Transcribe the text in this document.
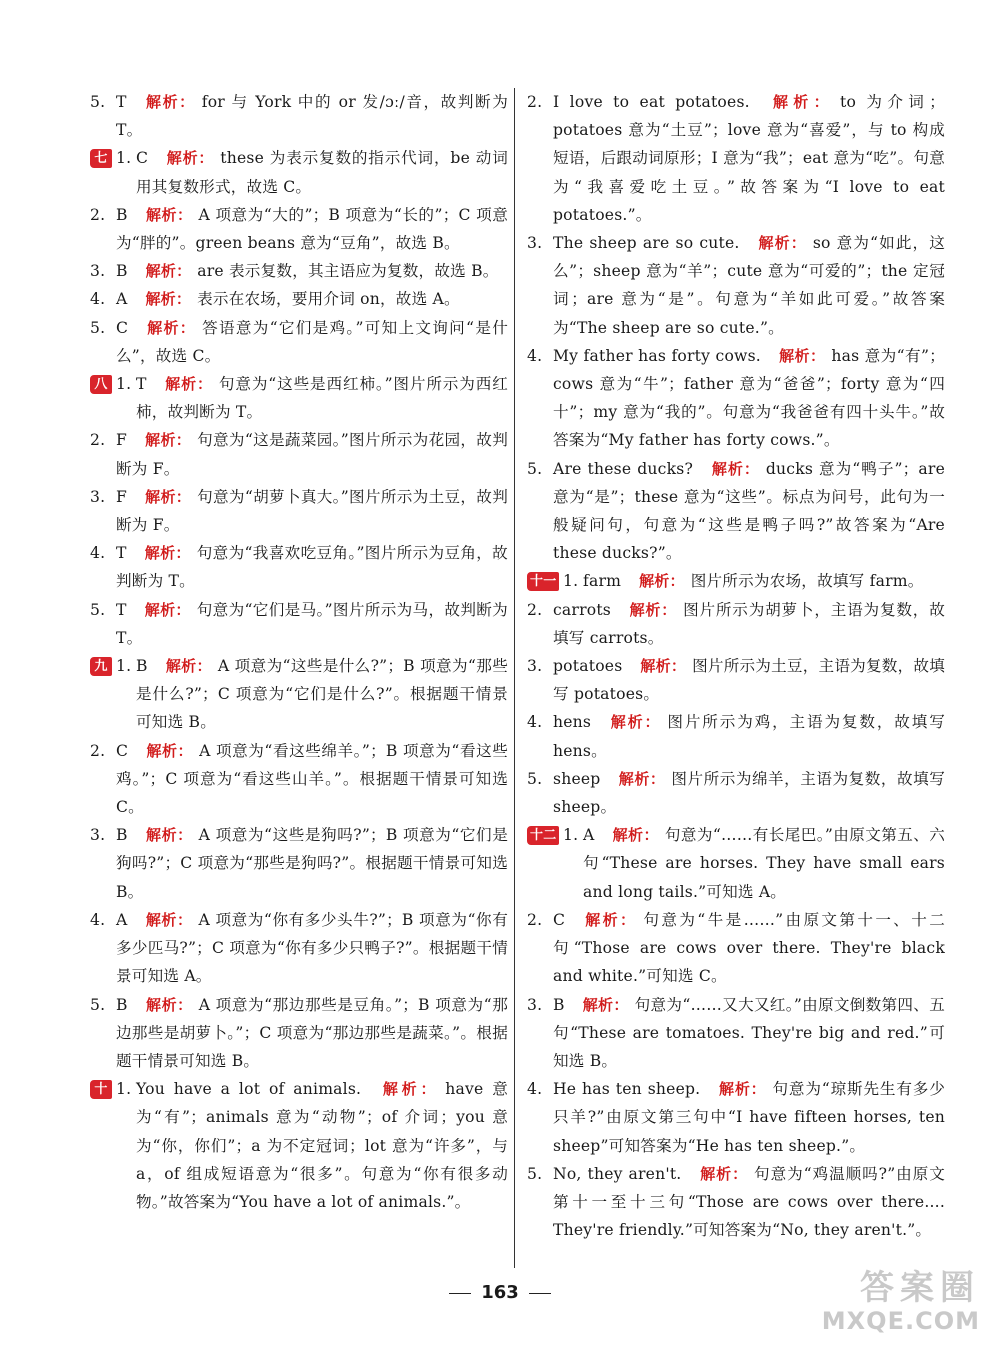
5. T 解析： for 与 York 中的 or 发/ɔː/音，故判断为 T。
七 1. C 解析： these 为表示复数的指示代词，be 动词用其复数形式，故选 C。
2. B 解析： A 项意为“大的”；B 项意为“长的”；C 项意为“胖的”。green beans 意为“豆角”，故选 B。
3. B 解析： are 表示复数，其主语应为复数，故选 B。
4. A 解析： 表示在农场，要用介词 on，故选 A。
5. C 解析： 答语意为“它们是鸡。”可知上文询问“是什么”，故选 C。
八 1. T 解析： 句意为“这些是西红柿。”图片所示为西红柿，故判断为 T。
2. F 解析： 句意为“这是蔬菜园。”图片所示为花园，故判断为 F。
3. F 解析： 句意为“胡萝卜真大。”图片所示为土豆，故判断为 F。
4. T 解析： 句意为“我喜欢吃豆角。”图片所示为豆角，故判断为 T。
5. T 解析： 句意为“它们是马。”图片所示为马，故判断为 T。
九 1. B 解析： A 项意为“这些是什么?”；B 项意为“那些是什么?”；C 项意为“它们是什么?”。根据题干情景可知选 B。
2. C 解析： A 项意为“看这些绵羊。”；B 项意为“看这些鸡。”；C 项意为“看这些山羊。”。根据题干情景可知选 C。
3. B 解析： A 项意为“这些是狗吗?”；B 项意为“它们是狗吗?”；C 项意为“那些是狗吗?”。根据题干情景可知选 B。
4. A 解析： A 项意为“你有多少头牛?”；B 项意为“你有多少匹马?”；C 项意为“你有多少只鸭子?”。根据题干情景可知选 A。
5. B 解析： A 项意为“那边那些是豆角。”；B 项意为“那边那些是胡萝卜。”；C 项意为“那边那些是蔬菜。”。根据题干情景可知选 B。
十 1. You have a lot of animals. 解析： have 意为“有”；animals 意为“动物”；of 介词；you 意为“你，你们”；a 为不定冠词；lot 意为“许多”，与 a，of 组成短语意为“很多”。句意为“你有很多动物。”故答案为“You have a lot of animals.”。
2. I love to eat potatoes. 解析： to 为介词；potatoes 意为“土豆”；love 意为“喜爱”，与 to 构成短语，后跟动词原形；I 意为“我”；eat 意为“吃”。句意为“我喜爱吃土豆。”故答案为“I love to eat potatoes.”。
3. The sheep are so cute. 解析： so 意为“如此，这么”；sheep 意为“羊”；cute 意为“可爱的”；the 定冠词；are 意为“是”。句意为“羊如此可爱。”故答案为“The sheep are so cute.”。
4. My father has forty cows. 解析： has 意为“有”；cows 意为“牛”；father 意为“爸爸”；forty 意为“四十”；my 意为“我的”。句意为“我爸爸有四十头牛。”故答案为“My father has forty cows.”。
5. Are these ducks? 解析： ducks 意为“鸭子”；are 意为“是”；these 意为“这些”。标点为问号，此句为一般疑问句，句意为“这些是鸭子吗?”故答案为“Are these ducks?”。
十一 1. farm 解析： 图片所示为农场，故填写 farm。
2. carrots 解析： 图片所示为胡萝卜，主语为复数，故填写 carrots。
3. potatoes 解析： 图片所示为土豆，主语为复数，故填写 potatoes。
4. hens 解析： 图片所示为鸡，主语为复数，故填写 hens。
5. sheep 解析： 图片所示为绵羊，主语为复数，故填写 sheep。
十二 1. A 解析： 句意为“……有长尾巴。”由原文第五、六句“These are horses. They have small ears and long tails.”可知选 A。
2. C 解析： 句意为“牛是……”由原文第十一、十二句“Those are cows over there. They're black and white.”可知选 C。
3. B 解析： 句意为“……又大又红。”由原文倒数第四、五句“These are tomatoes. They're big and red.”可知选 B。
4. He has ten sheep. 解析： 句意为“琼斯先生有多少只羊?”由原文第三句中“I have fifteen horses, ten sheep”可知答案为“He has ten sheep.”。
5. No, they aren't. 解析： 句意为“鸡温顺吗?”由原文第十一至十三句“Those are cows over there.... They're friendly.”可知答案为“No, they aren't.”。
163	答案圈
MXQE.COM
